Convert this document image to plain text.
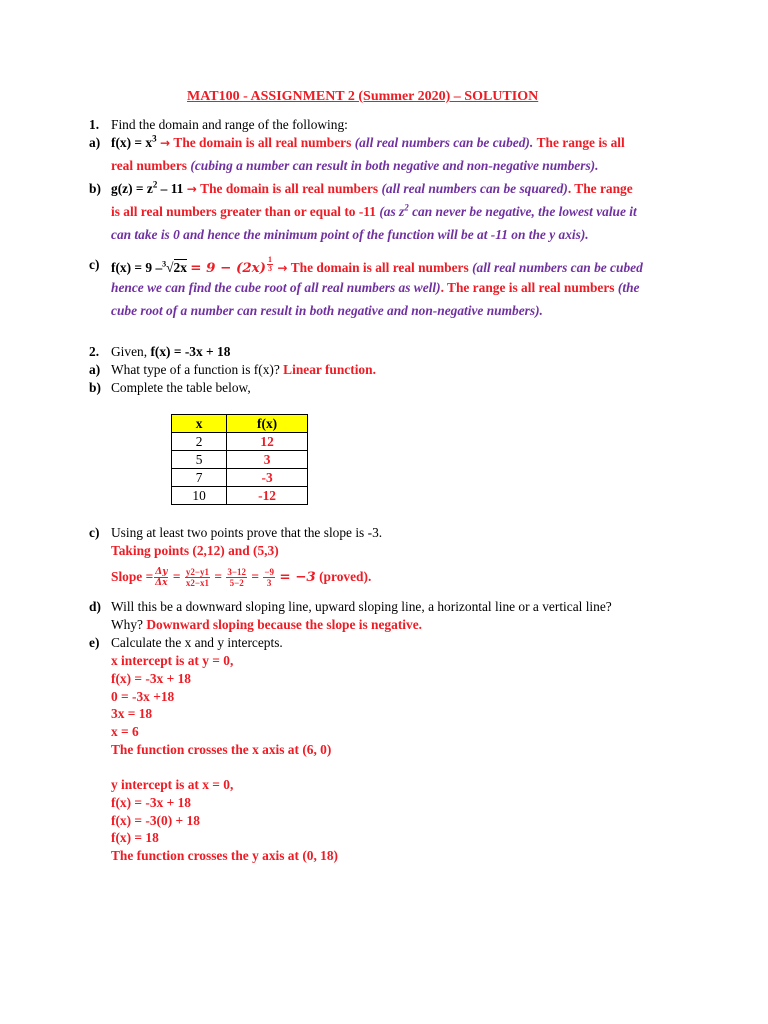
MAT100 - ASSIGNMENT 2 (Summer 2020) – SOLUTION
1. Find the domain and range of the following:
a) $f(x) = x^3$ → The domain is all real numbers (all real numbers can be cubed). The range is all
real numbers (cubing a number can result in both negative and non-negative numbers).
b) $g(z) = z^2 - 11$ → The domain is all real numbers (all real numbers can be squared). The range
is all real numbers greater than or equal to -11 (as $z^2$ can never be negative, the lowest value it
can take is 0 and hence the minimum point of the function will be at -11 on the y axis).
c) f(x) = 9 $-^3√2x = 9 - (2x) \frac{1}{3}$ → The domain is all real numbers (all real numbers can be cubed
hence we can find the cube root of all real numbers as well). The range is all real numbers (the
cube root of a number can result in both negative and non-negative numbers).
2. Given, f(x) = -3x + 18
a) What type of a function is f(x)? Linear function.
b) Complete the table below,
x	f(x)
2	12
5	3
7	-3
10	-12
c) Using at least two points prove that the slope is -3.
Taking points (2,12) and (5,3)
Slope = $\frac{\Delta y}{\Delta x} = \frac{y2-y1}{x2-x1} = \frac{3-12}{5-2} = \frac{-9}{3} = -3$ (proved).
d) Will this be a downward sloping line, upward sloping line, a horizontal line or a vertical line?
Why? Downward sloping because the slope is negative.
e) Calculate the x and y intercepts.
x intercept is at y = 0,
f(x) = -3x + 18
0 = -3x +18
3x = 18
x = 6
The function crosses the x axis at (6, 0)
y intercept is at x = 0,
f(x) = -3x + 18
f(x) = -3(0) + 18
f(x) = 18
The function crosses the y axis at (0, 18)
